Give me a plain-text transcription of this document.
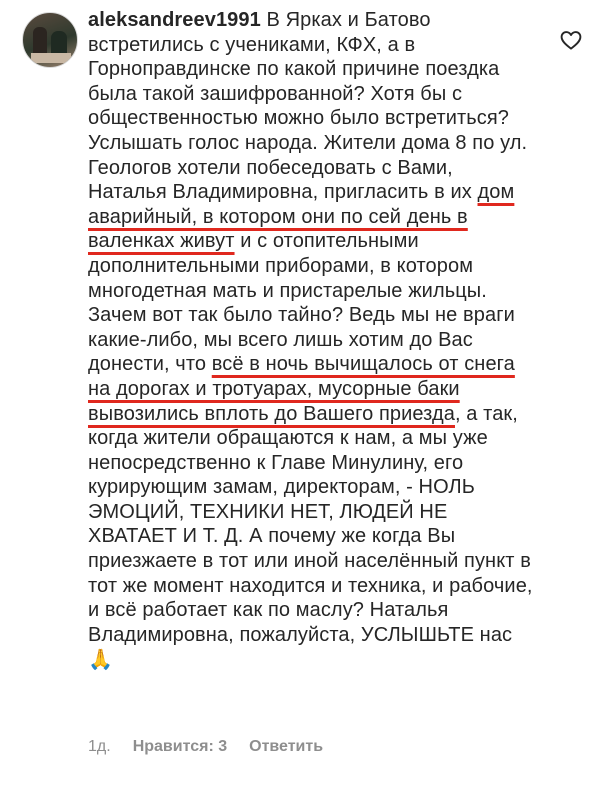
aleksandreev1991 В Ярках и Батово встретились с учениками, КФХ, а в Горноправдинске по какой причине поездка была такой зашифрованной? Хотя бы с общественностью можно было встретиться? Услышать голос народа. Жители дома 8 по ул. Геологов хотели побеседовать с Вами, Наталья Владимировна, пригласить в их дом аварийный, в котором они по сей день в валенках живут и с отопительными дополнительными приборами, в котором многодетная мать и пристарелые жильцы. Зачем вот так было тайно? Ведь мы не враги какие-либо, мы всего лишь хотим до Вас донести, что всё в ночь вычищалось от снега на дорогах и тротуарах, мусорные баки вывозились вплоть до Вашего приезда, а так, когда жители обращаются к нам, а мы уже непосредственно к Главе Минулину, его курирующим замам, директорам, - НОЛЬ ЭМОЦИЙ, ТЕХНИКИ НЕТ, ЛЮДЕЙ НЕ ХВАТАЕТ И Т. Д. А почему же когда Вы приезжаете в тот или иной населённый пункт в тот же момент находится и техника, и рабочие, и всё работает как по маслу? Наталья Владимировна, пожалуйста, УСЛЫШЬТЕ нас🙏

1д. Нравится: 3 Ответить
